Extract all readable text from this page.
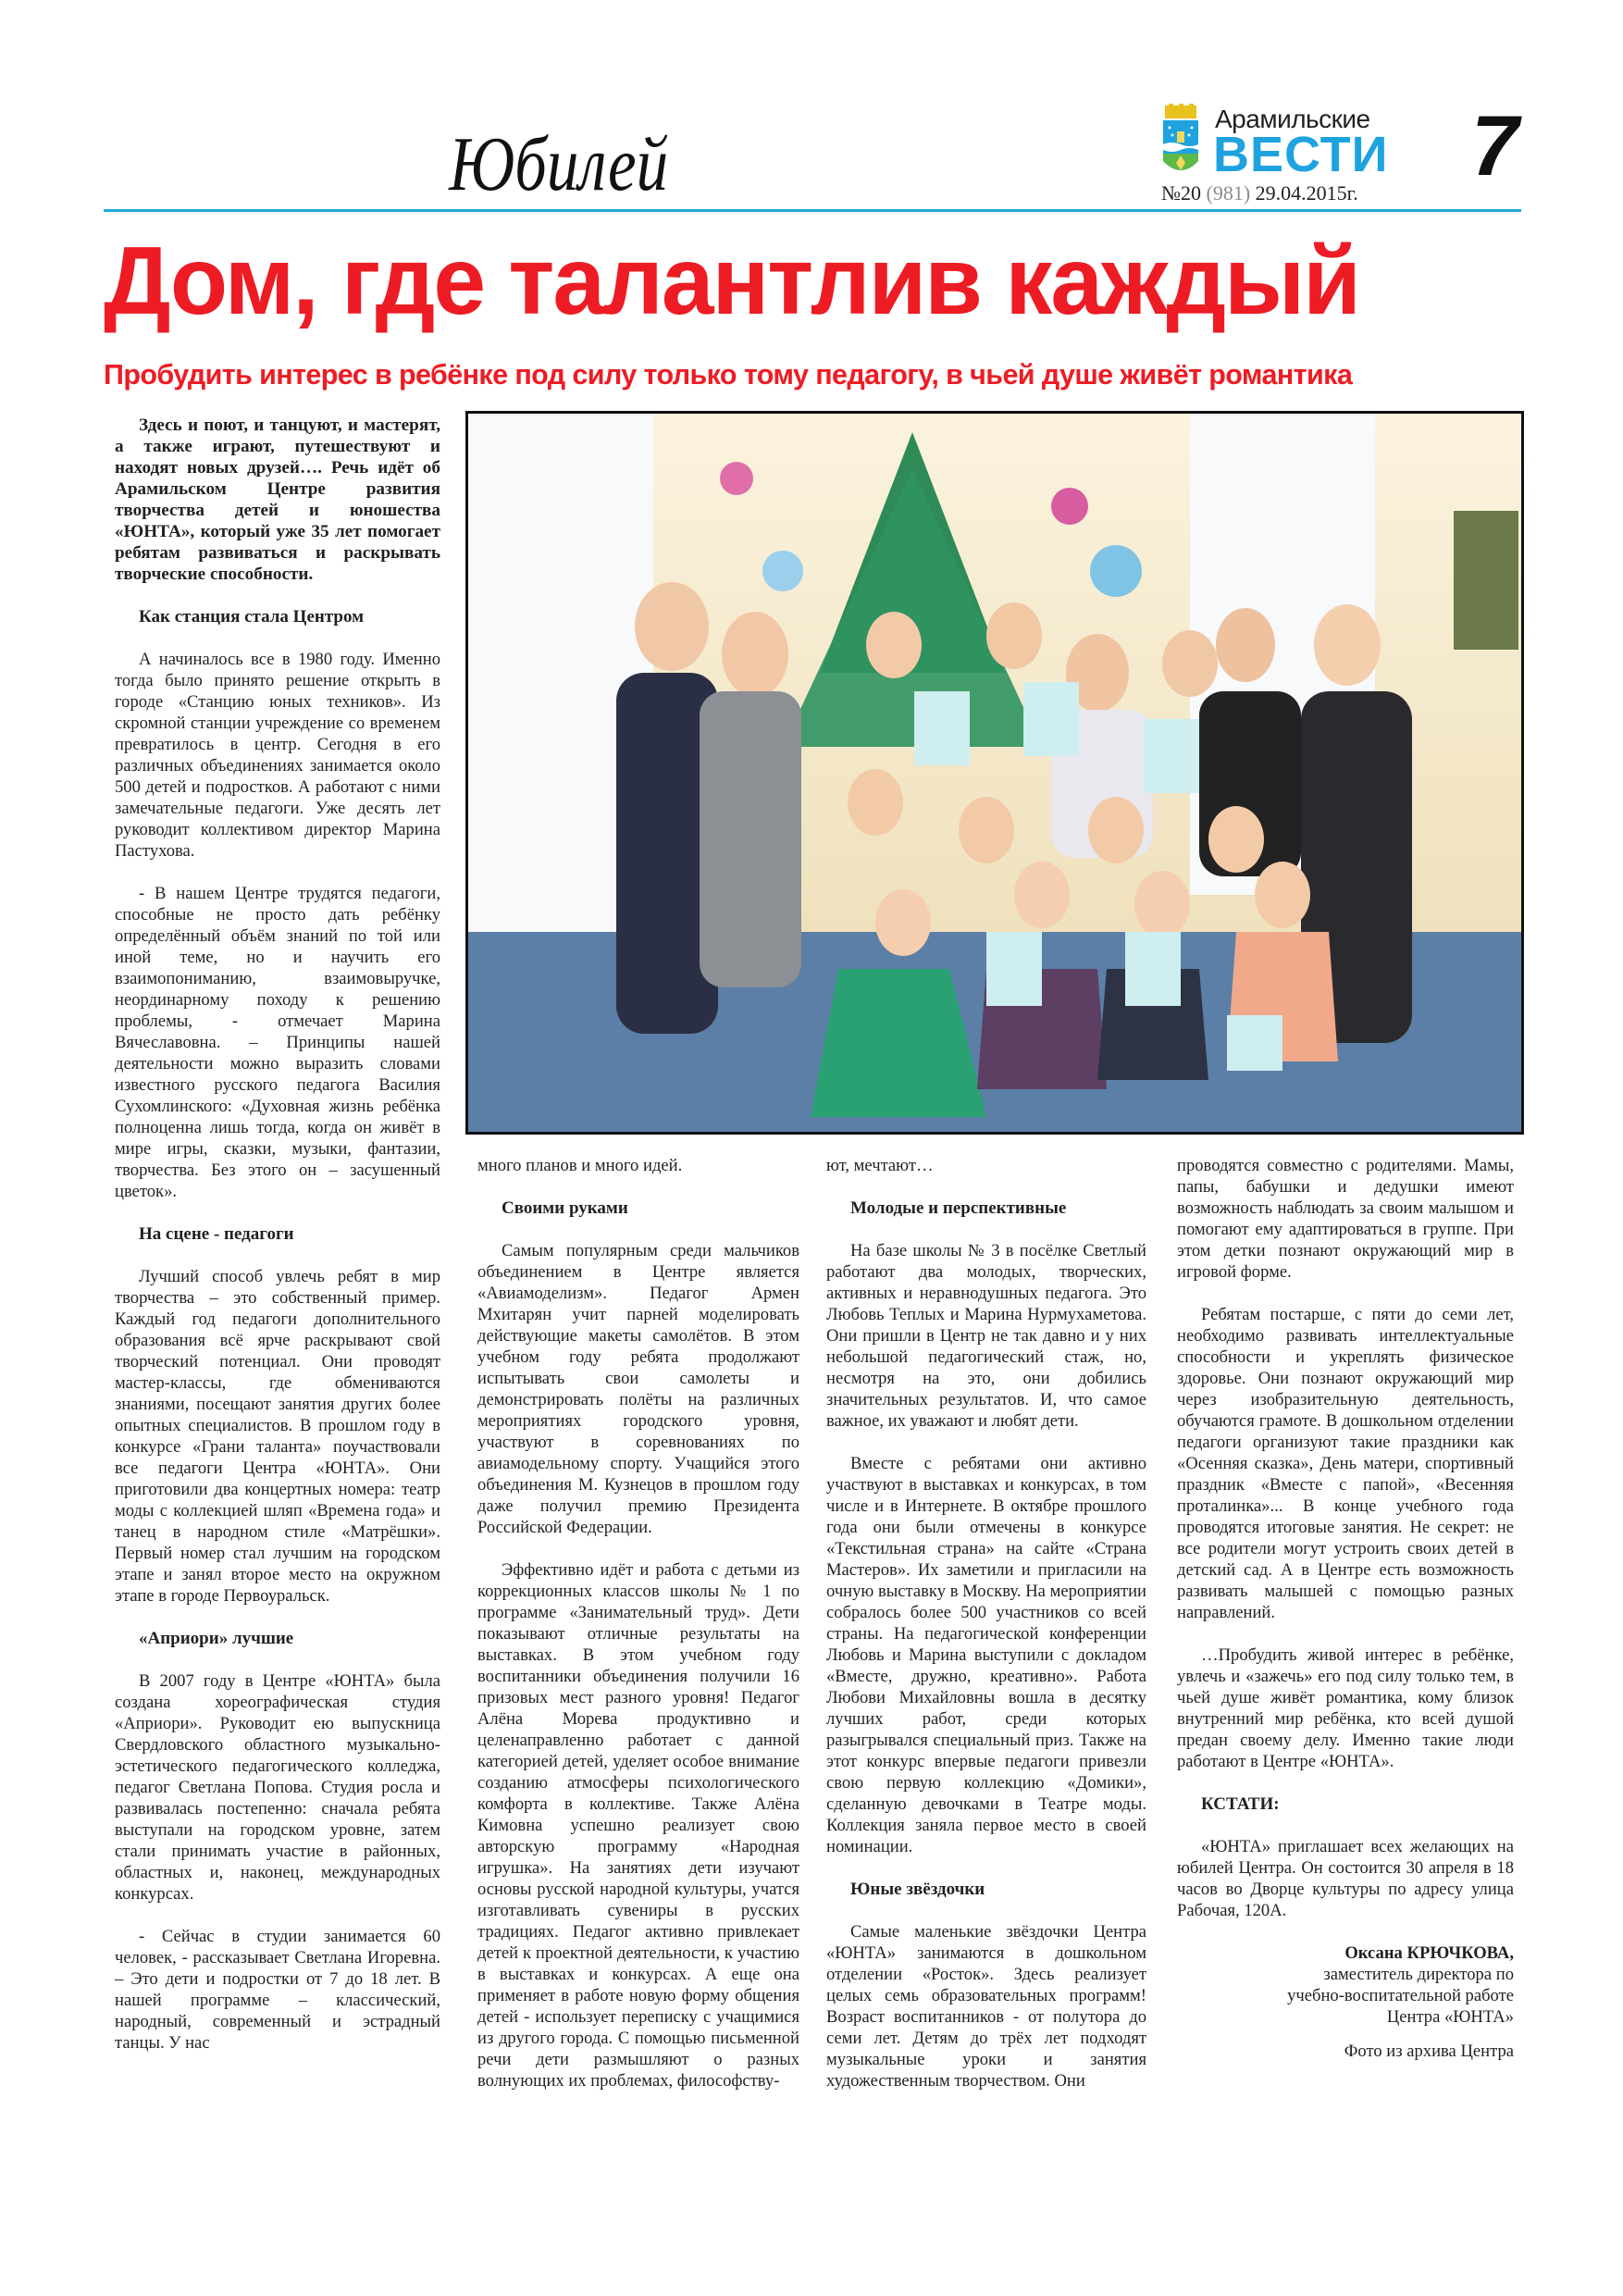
Юбилей
Арамильские
ВЕСТИ
№20 (981) 29.04.2015г. 7
Дом, где талантлив каждый
Пробудить интерес в ребёнке под силу только тому педагогу, в чьей душе живёт романтика

Здесь и поют, и танцуют, и мастерят, а также играют, путешествуют и находят новых друзей…. Речь идёт об Арамильском Центре развития творчества детей и юношества «ЮНТА», который уже 35 лет помогает ребятам развиваться и раскрывать творческие способности.

Как станция стала Центром

А начиналось все в 1980 году. Именно тогда было принято решение открыть в городе «Станцию юных техников». Из скромной станции учреждение со временем превратилось в центр. Сегодня в его различных объединениях занимается около 500 детей и подростков. А работают с ними замечательные педагоги. Уже десять лет руководит коллективом директор Марина Пастухова.

- В нашем Центре трудятся педагоги, способные не просто дать ребёнку определённый объём знаний по той или иной теме, но и научить его взаимопониманию, взаимовыручке, неординарному походу к решению проблемы, - отмечает Марина Вячеславовна. – Принципы нашей деятельности можно выразить словами известного русского педагога Василия Сухомлинского: «Духовная жизнь ребёнка полноценна лишь тогда, когда он живёт в мире игры, сказки, музыки, фантазии, творчества. Без этого он – засушенный цветок».

На сцене - педагоги

Лучший способ увлечь ребят в мир творчества – это собственный пример. Каждый год педагоги дополнительного образования всё ярче раскрывают свой творческий потенциал. Они проводят мастер-классы, где обмениваются знаниями, посещают занятия других более опытных специалистов. В прошлом году в конкурсе «Грани таланта» поучаствовали все педагоги Центра «ЮНТА». Они приготовили два концертных номера: театр моды с коллекцией шляп «Времена года» и танец в народном стиле «Матрёшки». Первый номер стал лучшим на городском этапе и занял второе место на окружном этапе в городе Первоуральск.

«Априори» лучшие

В 2007 году в Центре «ЮНТА» была создана хореографическая студия «Априори». Руководит ею выпускница Свердловского областного музыкально-эстетического педагогического колледжа, педагог Светлана Попова. Студия росла и развивалась постепенно: сначала ребята выступали на городском уровне, затем стали принимать участие в районных, областных и, наконец, международных конкурсах.

- Сейчас в студии занимается 60 человек, - рассказывает Светлана Игоревна. – Это дети и подростки от 7 до 18 лет. В нашей программе – классический, народный, современный и эстрадный танцы. У нас

много планов и много идей.

Своими руками

Самым популярным среди мальчиков объединением в Центре является «Авиамоделизм». Педагог Армен Мхитарян учит парней моделировать действующие макеты самолётов. В этом учебном году ребята продолжают испытывать свои самолеты и демонстрировать полёты на различных мероприятиях городского уровня, участвуют в соревнованиях по авиамодельному спорту. Учащийся этого объединения М. Кузнецов в прошлом году даже получил премию Президента Российской Федерации.

Эффективно идёт и работа с детьми из коррекционных классов школы № 1 по программе «Занимательный труд». Дети показывают отличные результаты на выставках. В этом учебном году воспитанники объединения получили 16 призовых мест разного уровня! Педагог Алёна Морева продуктивно и целенаправленно работает с данной категорией детей, уделяет особое внимание созданию атмосферы психологического комфорта в коллективе. Также Алёна Кимовна успешно реализует свою авторскую программу «Народная игрушка». На занятиях дети изучают основы русской народной культуры, учатся изготавливать сувениры в русских традициях. Педагог активно привлекает детей к проектной деятельности, к участию в выставках и конкурсах. А еще она применяет в работе новую форму общения детей - использует переписку с учащимися из другого города. С помощью письменной речи дети размышляют о разных волнующих их проблемах, философству-

ют, мечтают…

Молодые и перспективные

На базе школы № 3 в посёлке Светлый работают два молодых, творческих, активных и неравнодушных педагога. Это Любовь Теплых и Марина Нурмухаметова. Они пришли в Центр не так давно и у них небольшой педагогический стаж, но, несмотря на это, они добились значительных результатов. И, что самое важное, их уважают и любят дети.

Вместе с ребятами они активно участвуют в выставках и конкурсах, в том числе и в Интернете. В октябре прошлого года они были отмечены в конкурсе «Текстильная страна» на сайте «Страна Мастеров». Их заметили и пригласили на очную выставку в Москву. На мероприятии собралось более 500 участников со всей страны. На педагогической конференции Любовь и Марина выступили с докладом «Вместе, дружно, креативно». Работа Любови Михайловны вошла в десятку лучших работ, среди которых разыгрывался специальный приз. Также на этот конкурс впервые педагоги привезли свою первую коллекцию «Домики», сделанную девочками в Театре моды. Коллекция заняла первое место в своей номинации.

Юные звёздочки

Самые маленькие звёздочки Центра «ЮНТА» занимаются в дошкольном отделении «Росток». Здесь реализует целых семь образовательных программ! Возраст воспитанников - от полутора до семи лет. Детям до трёх лет подходят музыкальные уроки и занятия художественным творчеством. Они

проводятся совместно с родителями. Мамы, папы, бабушки и дедушки имеют возможность наблюдать за своим малышом и помогают ему адаптироваться в группе. При этом детки познают окружающий мир в игровой форме.

Ребятам постарше, с пяти до семи лет, необходимо развивать интеллектуальные способности и укреплять физическое здоровье. Они познают окружающий мир через изобразительную деятельность, обучаются грамоте. В дошкольном отделении педагоги организуют такие праздники как «Осенняя сказка», День матери, спортивный праздник «Вместе с папой», «Весенняя проталинка»... В конце учебного года проводятся итоговые занятия. Не секрет: не все родители могут устроить своих детей в детский сад. А в Центре есть возможность развивать малышей с помощью разных направлений.

…Пробудить живой интерес в ребёнке, увлечь и «зажечь» его под силу только тем, в чьей душе живёт романтика, кому близок внутренний мир ребёнка, кто всей душой предан своему делу. Именно такие люди работают в Центре «ЮНТА».

КСТАТИ:

«ЮНТА» приглашает всех желающих на юбилей Центра. Он состоится 30 апреля в 18 часов во Дворце культуры по адресу улица Рабочая, 120А.

Оксана КРЮЧКОВА,

заместитель директора по

учебно-воспитательной работе

Центра «ЮНТА»

Фото из архива Центра
